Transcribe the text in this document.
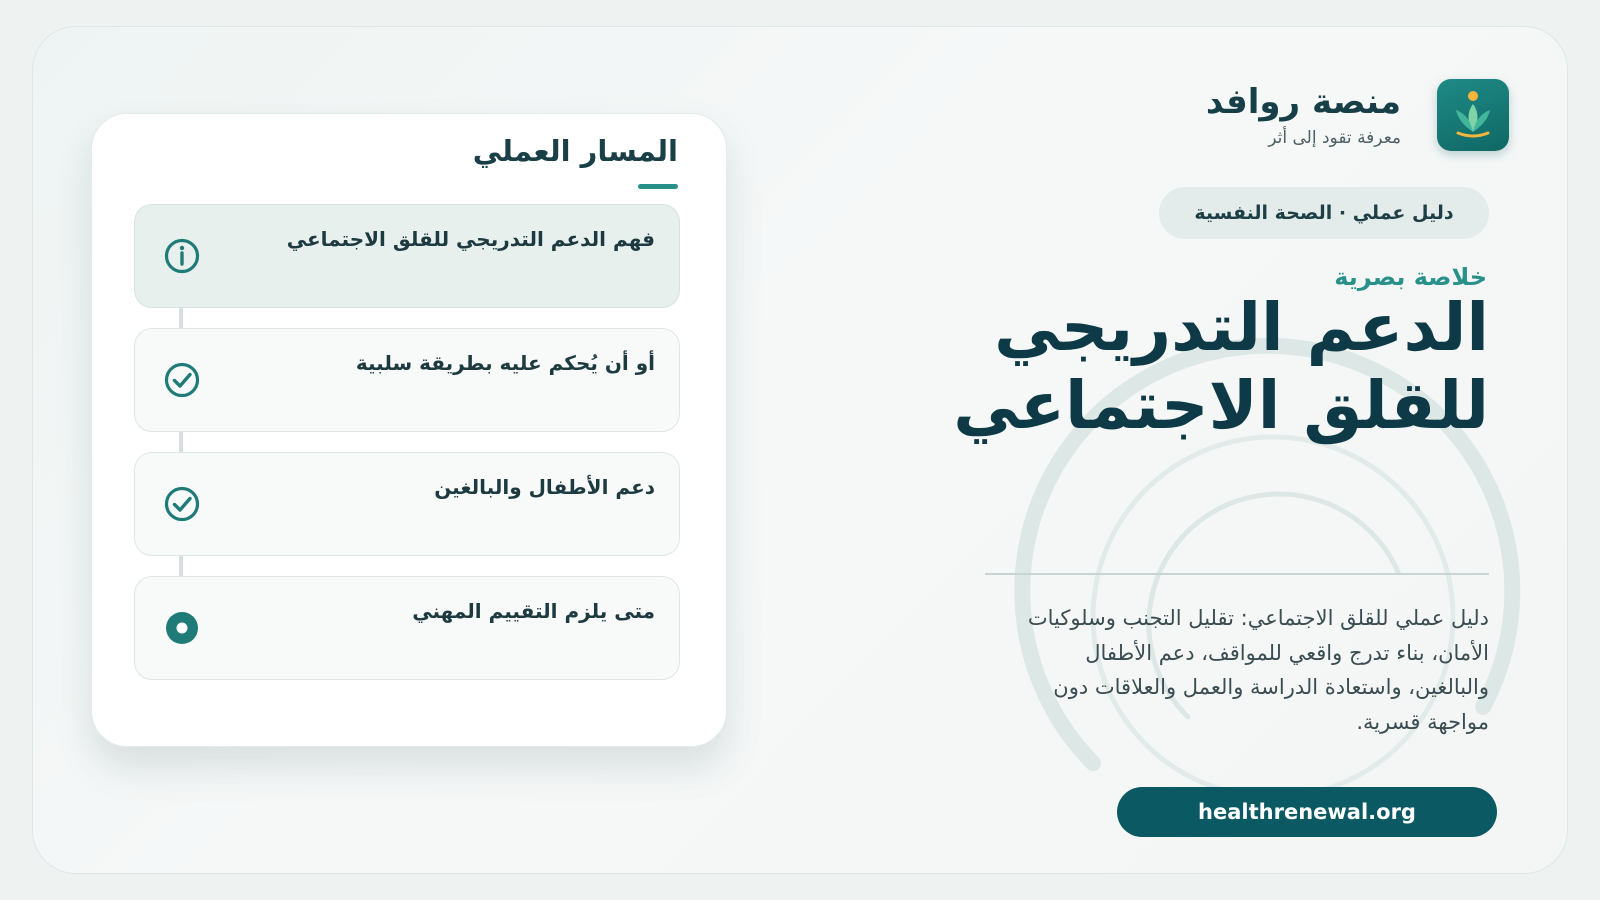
منصة روافد
معرفة تقود إلى أثر
دليل عملي · الصحة النفسية
خلاصة بصرية
الدعم التدريجي
للقلق الاجتماعي

دليل عملي للقلق الاجتماعي: تقليل التجنب وسلوكيات الأمان، بناء تدرج واقعي للمواقف، دعم الأطفال والبالغين، واستعادة الدراسة والعمل والعلاقات دون مواجهة قسرية.

healthrenewal.org
المسار العملي
فهم الدعم التدريجي للقلق الاجتماعي
أو أن يُحكم عليه بطريقة سلبية
دعم الأطفال والبالغين
متى يلزم التقييم المهني
